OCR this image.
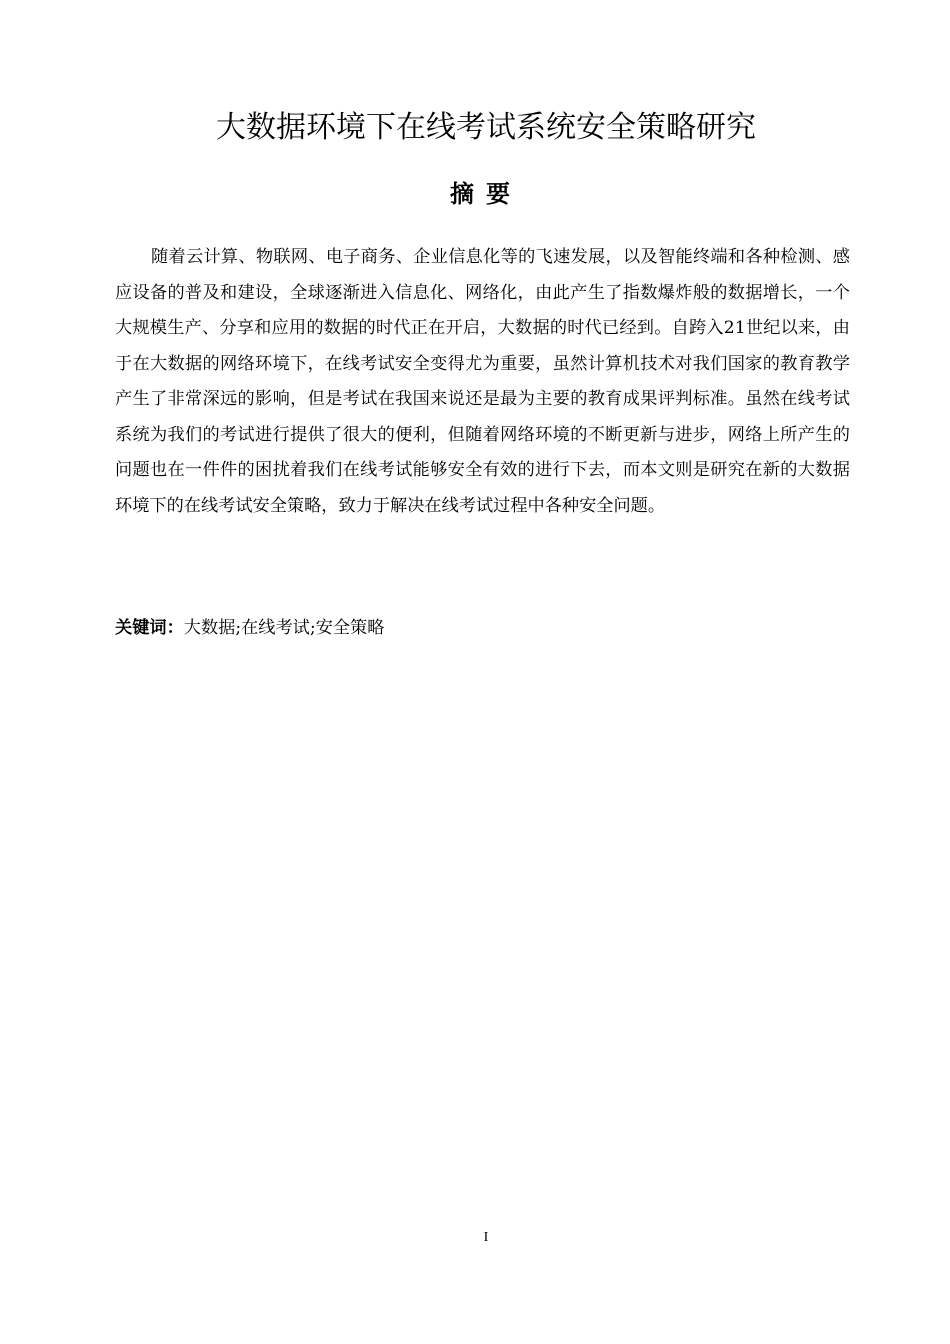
大数据环境下在线考试系统安全策略研究
摘要

随着云计算、物联网、电子商务、企业信息化等的飞速发展，以及智能终端和各种检测、感应设备的普及和建设，全球逐渐进入信息化、网络化，由此产生了指数爆炸般的数据增长，一个大规模生产、分享和应用的数据的时代正在开启，大数据的时代已经到。自跨入21世纪以来，由于在大数据的网络环境下，在线考试安全变得尤为重要，虽然计算机技术对我们国家的教育教学产生了非常深远的影响，但是考试在我国来说还是最为主要的教育成果评判标准。虽然在线考试系统为我们的考试进行提供了很大的便利，但随着网络环境的不断更新与进步，网络上所产生的问题也在一件件的困扰着我们在线考试能够安全有效的进行下去，而本文则是研究在新的大数据环境下的在线考试安全策略，致力于解决在线考试过程中各种安全问题。

关键词：大数据;在线考试;安全策略

I
